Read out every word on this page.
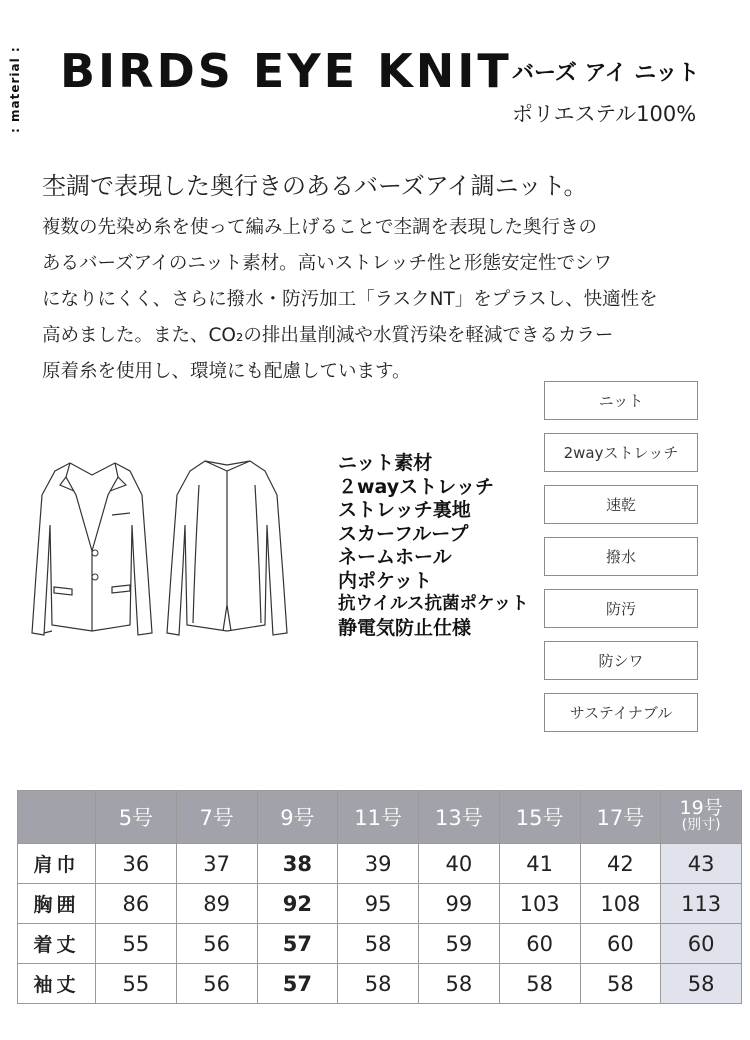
: material : BIRDS EYE KNIT バーズ アイ ニット
ポリエステル100%
杢調で表現した奥行きのあるバーズアイ調ニット。
複数の先染め糸を使って編み上げることで杢調を表現した奥行きの
あるバーズアイのニット素材。高いストレッチ性と形態安定性でシワ
になりにくく、さらに撥水・防汚加工「ラスクNT」をプラスし、快適性を
高めました。また、CO₂の排出量削減や水質汚染を軽減できるカラー
原着糸を使用し、環境にも配慮しています。
ニット素材
２wayストレッチ
ストレッチ裏地
スカーフループ
ネームホール
内ポケット
抗ウイルス抗菌ポケット
静電気防止仕様
ニット
2wayストレッチ
速乾
撥水
防汚
防シワ
サステイナブル
	5号	7号	9号	11号	13号	15号	17号	19号
(別寸)

肩巾	36	37	38	39	40	41	42	43
胸囲	86	89	92	95	99	103	108	113
着丈	55	56	57	58	59	60	60	60
袖丈	55	56	57	58	58	58	58	58
